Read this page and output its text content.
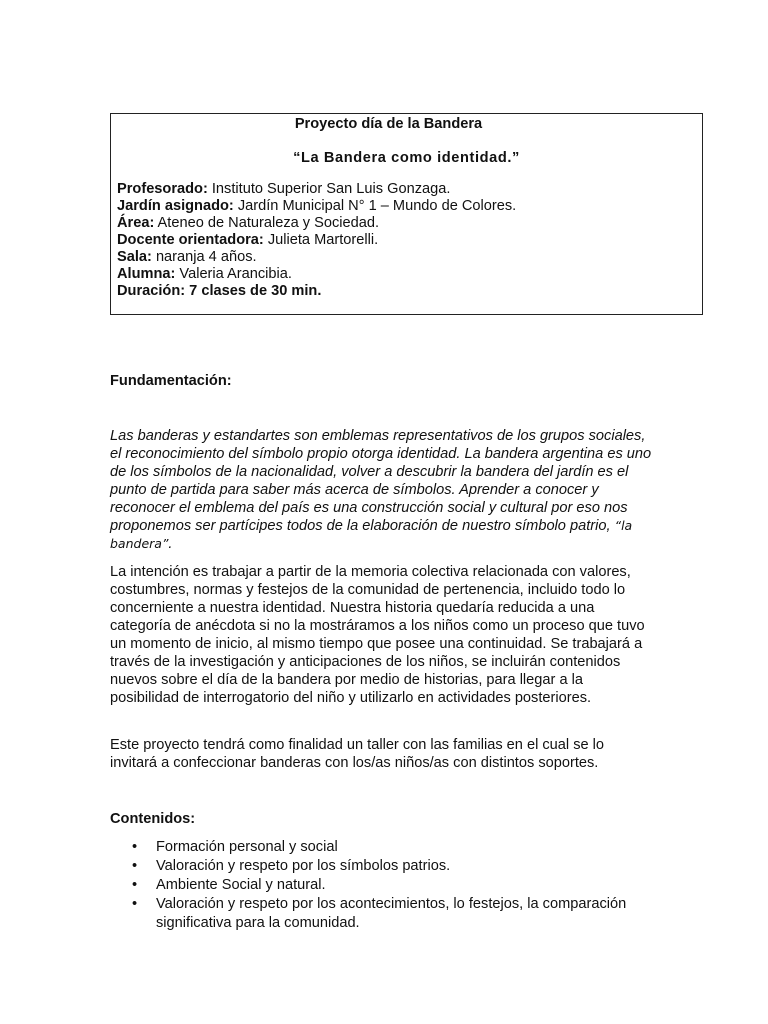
Proyecto día de la Bandera
“La Bandera como identidad.”
Profesorado: Instituto Superior San Luis Gonzaga.
Jardín asignado: Jardín Municipal N° 1 – Mundo de Colores.
Área: Ateneo de Naturaleza y Sociedad.
Docente orientadora: Julieta Martorelli.
Sala: naranja 4 años.
Alumna: Valeria Arancibia.
Duración: 7 clases de 30 min.
Fundamentación:

Las banderas y estandartes son emblemas representativos de los grupos sociales, el reconocimiento del símbolo propio otorga identidad. La bandera argentina es uno de los símbolos de la nacionalidad, volver a descubrir la bandera del jardín es el punto de partida para saber más acerca de símbolos. Aprender a conocer y reconocer el emblema del país es una construcción social y cultural por eso nos proponemos ser partícipes todos de la elaboración de nuestro símbolo patrio, “la bandera”.

La intención es trabajar a partir de la memoria colectiva relacionada con valores, costumbres, normas y festejos de la comunidad de pertenencia, incluido todo lo concerniente a nuestra identidad. Nuestra historia quedaría reducida a una categoría de anécdota si no la mostráramos a los niños como un proceso que tuvo un momento de inicio, al mismo tiempo que posee una continuidad. Se trabajará a través de la investigación y anticipaciones de los niños, se incluirán contenidos nuevos sobre el día de la bandera por medio de historias, para llegar a la posibilidad de interrogatorio del niño y utilizarlo en actividades posteriores.

Este proyecto tendrá como finalidad un taller con las familias en el cual se lo invitará a confeccionar banderas con los/as niños/as con distintos soportes.

Contenidos:
• Formación personal y social
• Valoración y respeto por los símbolos patrios.
• Ambiente Social y natural.
• Valoración y respeto por los acontecimientos, lo festejos, la comparación significativa para la comunidad.
